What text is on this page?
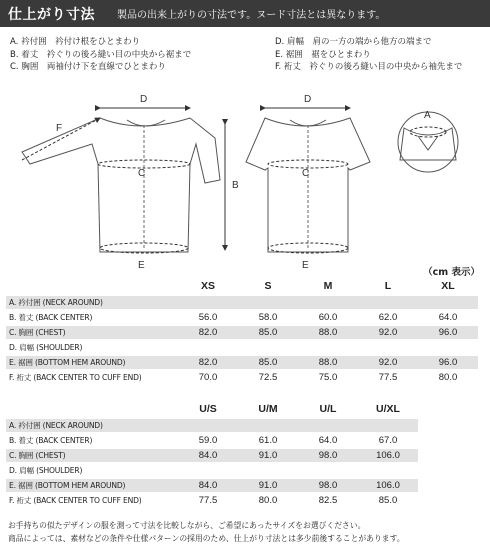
仕上がり寸法 製品の出来上がりの寸法です。ヌード寸法とは異なります。
A. 衿付囲　衿付け根をひとまわり
B. 着丈　衿ぐりの後ろ縫い目の中央から裾まで
C. 胸囲　両袖付け下を直線でひとまわり
D. 肩幅　肩の一方の端から他方の端まで
E. 裾囲　裾をひとまわり
F. 裄丈　衿ぐりの後ろ縫い目の中央から袖先まで
D
F
C
B
E
D
C
E
A
（cm 表示）
	XS	S	M	L	XL
A. 衿付囲 (NECK AROUND)					
B. 着丈 (BACK CENTER)	56.0	58.0	60.0	62.0	64.0
C. 胸囲 (CHEST)	82.0	85.0	88.0	92.0	96.0
D. 肩幅 (SHOULDER)					
E. 裾囲 (BOTTOM HEM AROUND)	82.0	85.0	88.0	92.0	96.0
F. 裄丈 (BACK CENTER TO CUFF END)	70.0	72.5	75.0	77.5	80.0
	U/S	U/M	U/L	U/XL
A. 衿付囲 (NECK AROUND)				
B. 着丈 (BACK CENTER)	59.0	61.0	64.0	67.0
C. 胸囲 (CHEST)	84.0	91.0	98.0	106.0
D. 肩幅 (SHOULDER)				
E. 裾囲 (BOTTOM HEM AROUND)	84.0	91.0	98.0	106.0
F. 裄丈 (BACK CENTER TO CUFF END)	77.5	80.0	82.5	85.0
お手持ちの似たデザインの服を測って寸法を比較しながら、ご希望にあったサイズをお選びください。
商品によっては、素材などの条件や仕様パターンの採用のため、仕上がり寸法とは多少前後することがあります。
